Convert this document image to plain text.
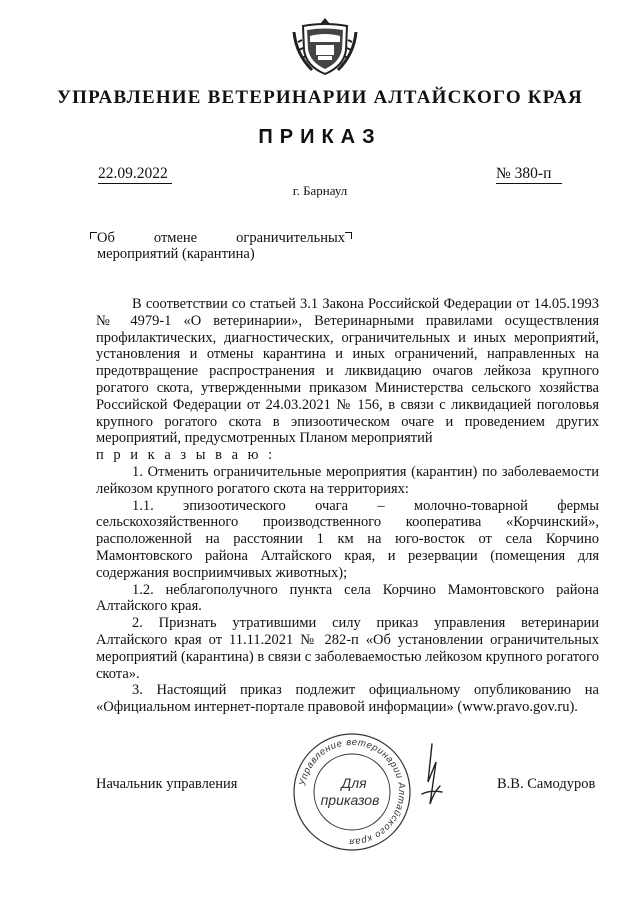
УПРАВЛЕНИЕ ВЕТЕРИНАРИИ АЛТАЙСКОГО КРАЯ
ПРИКАЗ
22.09.2022	№ 380-п
г. Барнаул
Об	отмене	ограничительных
мероприятий (карантина)

В соответствии со статьей 3.1 Закона Российской Федерации от 14.05.1993 № 4979-1 «О ветеринарии», Ветеринарными правилами осуществления профилактических, диагностических, ограничительных и иных мероприятий, установления и отмены карантина и иных ограничений, направленных на предотвращение распространения и ликвидацию очагов лейкоза крупного рогатого скота, утвержденными приказом Министерства сельского хозяйства Российской Федерации от 24.03.2021 № 156, в связи с ликвидацией поголовья крупного рогатого скота в эпизоотическом очаге и проведением других мероприятий, предусмотренных Планом мероприятий

п р и к а з ы в а ю :

1. Отменить ограничительные мероприятия (карантин) по заболеваемости лейкозом крупного рогатого скота на территориях:

1.1. эпизоотического очага – молочно-товарной фермы сельскохозяйственного производственного кооператива «Корчинский», расположенной на расстоянии 1 км на юго-восток от села Корчино Мамонтовского района Алтайского края, и резервации (помещения для содержания восприимчивых животных);

1.2. неблагополучного пункта села Корчино Мамонтовского района Алтайского края.

2. Признать утратившими силу приказ управления ветеринарии Алтайского края от 11.11.2021 № 282-п «Об установлении ограничительных мероприятий (карантина) в связи с заболеваемостью лейкозом крупного рогатого скота».

3. Настоящий приказ подлежит официальному опубликованию на «Официальном интернет-портале правовой информации» (www.pravo.gov.ru).

Начальник управления	В.В. Самодуров
Управление ветеринарии Алтайского края
Для
приказов
